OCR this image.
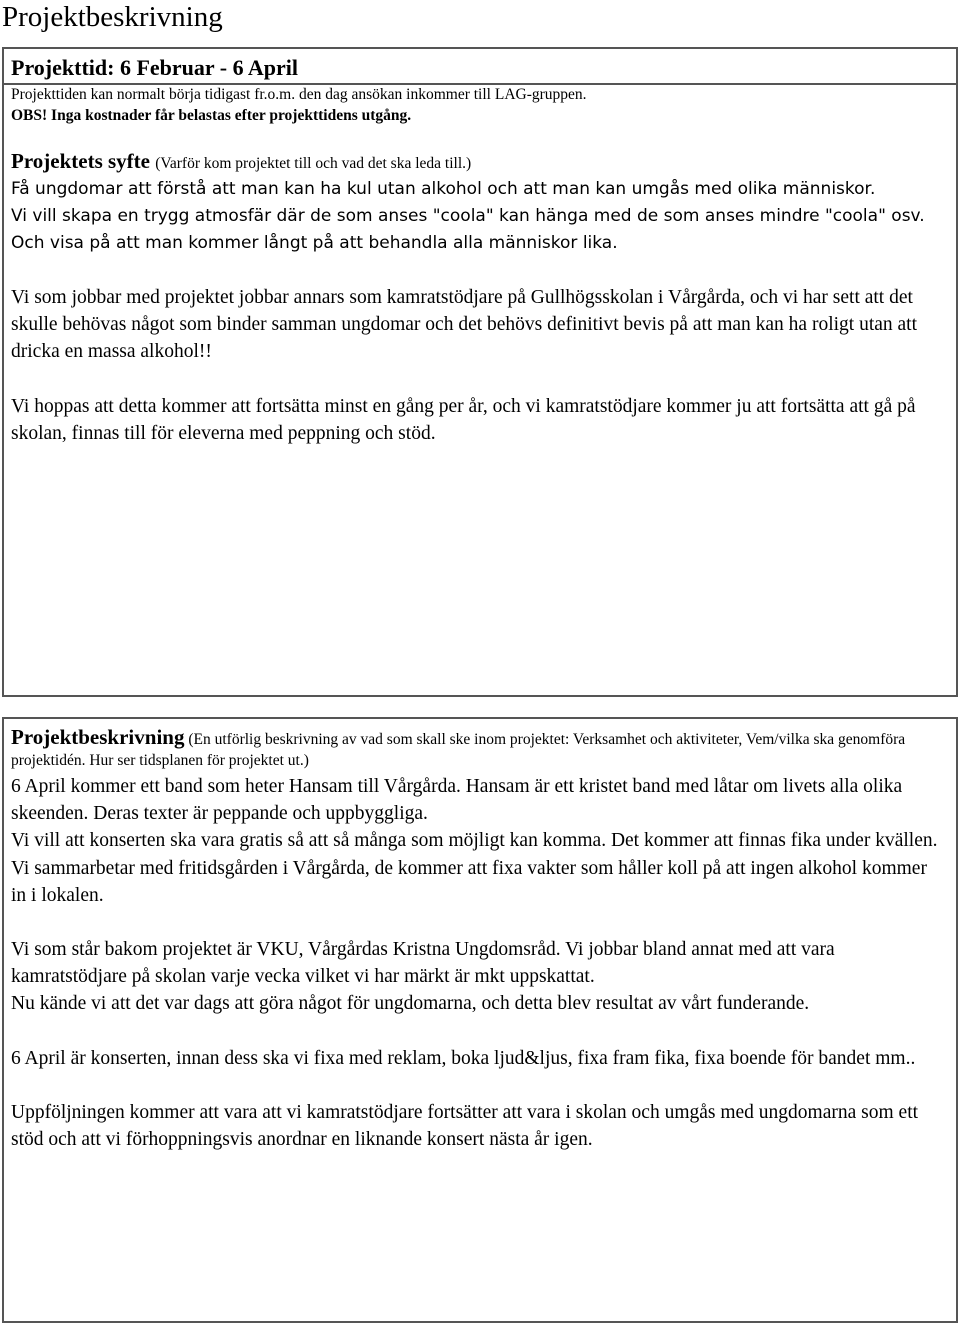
Projektbeskrivning
Projekttid: 6 Februar - 6 April
Projekttiden kan normalt börja tidigast fr.o.m. den dag ansökan inkommer till LAG-gruppen.
OBS! Inga kostnader får belastas efter projekttidens utgång.
Projektets syfte (Varför kom projektet till och vad det ska leda till.)

Få ungdomar att förstå att man kan ha kul utan alkohol och att man kan umgås med olika människor.

Vi vill skapa en trygg atmosfär där de som anses "coola" kan hänga med de som anses mindre "coola" osv. Och visa på att man kommer långt på att behandla alla människor lika.

Vi som jobbar med projektet jobbar annars som kamratstödjare på Gullhögsskolan i Vårgårda, och vi har sett att det skulle behövas något som binder samman ungdomar och det behövs definitivt bevis på att man kan ha roligt utan att dricka en massa alkohol!!

Vi hoppas att detta kommer att fortsätta minst en gång per år, och vi kamratstödjare kommer ju att fortsätta att gå på skolan, finnas till för eleverna med peppning och stöd.

Projektbeskrivning (En utförlig beskrivning av vad som skall ske inom projektet: Verksamhet och aktiviteter, Vem/vilka ska genomföra projektidén. Hur ser tidsplanen för projektet ut.)

6 April kommer ett band som heter Hansam till Vårgårda. Hansam är ett kristet band med låtar om livets alla olika skeenden. Deras texter är peppande och uppbyggliga.

Vi vill att konserten ska vara gratis så att så många som möjligt kan komma. Det kommer att finnas fika under kvällen.

Vi sammarbetar med fritidsgården i Vårgårda, de kommer att fixa vakter som håller koll på att ingen alkohol kommer in i lokalen.

Vi som står bakom projektet är VKU, Vårgårdas Kristna Ungdomsråd. Vi jobbar bland annat med att vara kamratstödjare på skolan varje vecka vilket vi har märkt är mkt uppskattat.

Nu kände vi att det var dags att göra något för ungdomarna, och detta blev resultat av vårt funderande.

6 April är konserten, innan dess ska vi fixa med reklam, boka ljud&ljus, fixa fram fika, fixa boende för bandet mm..

Uppföljningen kommer att vara att vi kamratstödjare fortsätter att vara i skolan och umgås med ungdomarna som ett stöd och att vi förhoppningsvis anordnar en liknande konsert nästa år igen.
